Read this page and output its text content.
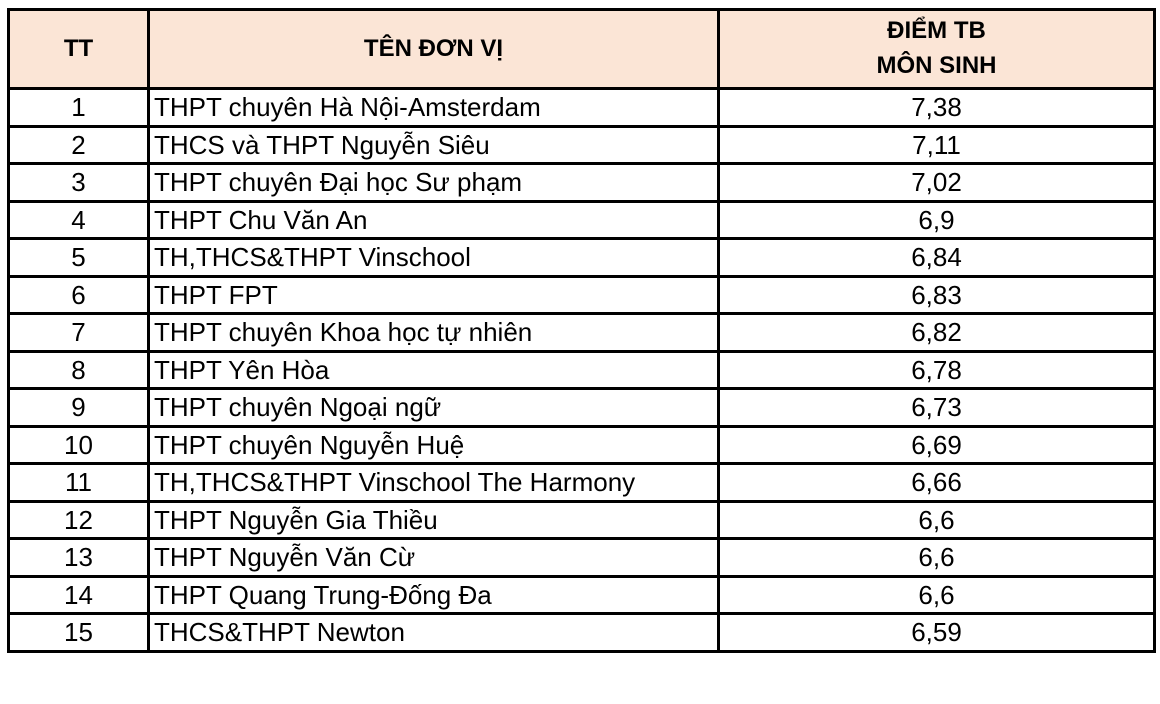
TT	TÊN ĐƠN VỊ	ĐIỂM TB
MÔN SINH

1	THPT chuyên Hà Nội-Amsterdam	7,38
2	THCS và THPT Nguyễn Siêu	7,11
3	THPT chuyên Đại học Sư phạm	7,02
4	THPT Chu Văn An	6,9
5	TH,THCS&THPT Vinschool	6,84
6	THPT FPT	6,83
7	THPT chuyên Khoa học tự nhiên	6,82
8	THPT Yên Hòa	6,78
9	THPT chuyên Ngoại ngữ	6,73
10	THPT chuyên Nguyễn Huệ	6,69
11	TH,THCS&THPT Vinschool The Harmony	6,66
12	THPT Nguyễn Gia Thiều	6,6
13	THPT Nguyễn Văn Cừ	6,6
14	THPT Quang Trung-Đống Đa	6,6
15	THCS&THPT Newton	6,59
